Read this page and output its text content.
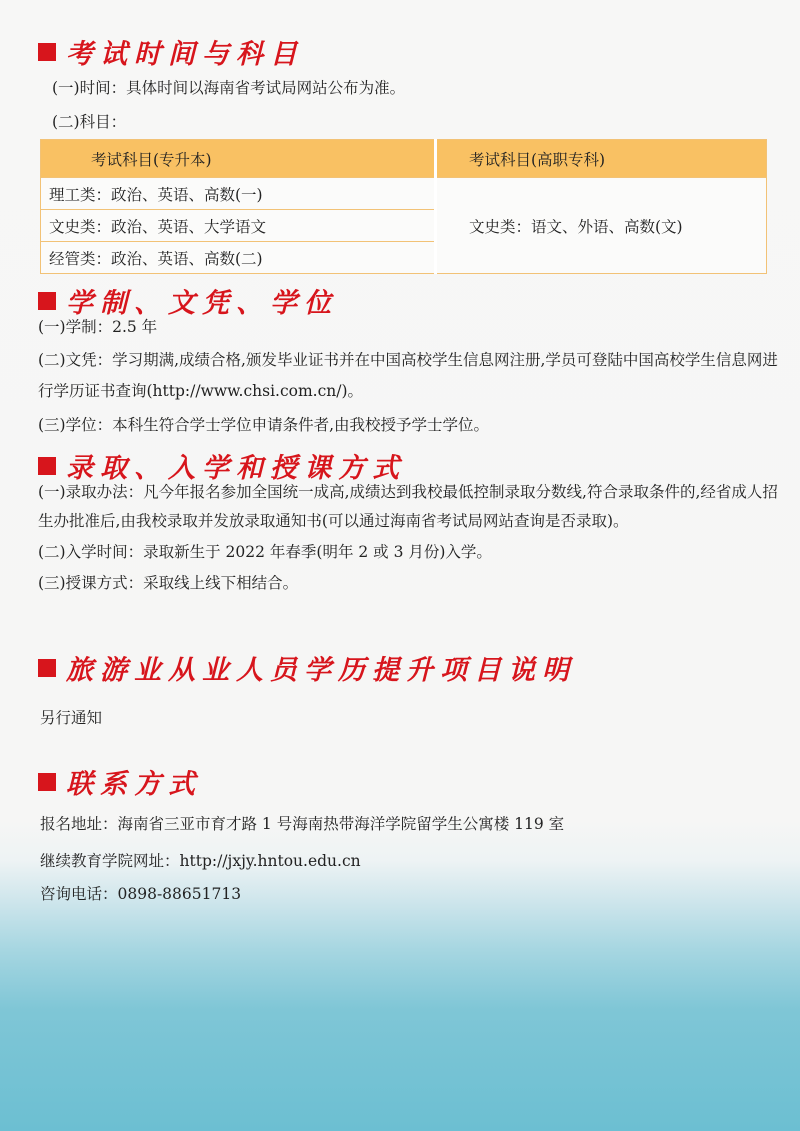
考试时间与科目
(一)时间：具体时间以海南省考试局网站公布为准。
(二)科目：
考试科目(专升本)	考试科目(高职专科)
理工类：政治、英语、高数(一)	文史类：语文、外语、高数(文)
文史类：政治、英语、大学语文	
经管类：政治、英语、高数(二)	
学制、文凭、学位
(一)学制：2.5 年
(二)文凭：学习期满,成绩合格,颁发毕业证书并在中国高校学生信息网注册,学员可登陆中国高校学生信息网进行学历证书查询(http://www.chsi.com.cn/)。
(三)学位：本科生符合学士学位申请条件者,由我校授予学士学位。
录取、入学和授课方式
(一)录取办法：凡今年报名参加全国统一成高,成绩达到我校最低控制录取分数线,符合录取条件的,经省成人招生办批准后,由我校录取并发放录取通知书(可以通过海南省考试局网站查询是否录取)。
(二)入学时间：录取新生于 2022 年春季(明年 2 或 3 月份)入学。
(三)授课方式：采取线上线下相结合。
旅游业从业人员学历提升项目说明
另行通知
联系方式
报名地址：海南省三亚市育才路 1 号海南热带海洋学院留学生公寓楼 119 室
继续教育学院网址：http://jxjy.hntou.edu.cn
咨询电话：0898-88651713
